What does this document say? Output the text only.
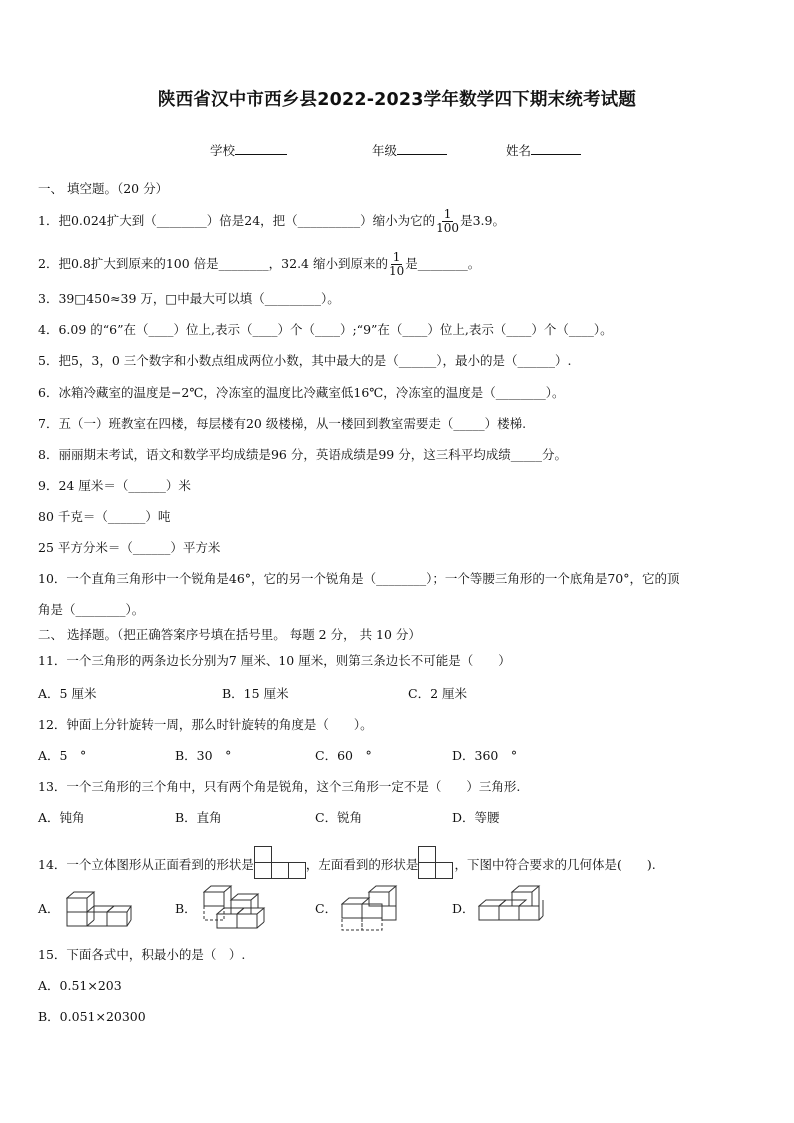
陕西省汉中市西乡县2022-2023学年数学四下期末统考试题
学校	年级	姓名
一、 填空题。（20 分）
1．把0.024扩大到（________）倍是24，把（__________）缩小为它的 $\frac{1}{100}$ 是3.9。
2．把0.8扩大到原来的100 倍是________，32.4 缩小到原来的 $\frac{1}{10}$ 是________。
3．39□450≈39 万，□中最大可以填（_________）。
4．6.09 的“6”在（____）位上,表示（____）个（____）;“9”在（____）位上,表示（____）个（____）。
5．把5，3，0 三个数字和小数点组成两位小数，其中最大的是（______），最小的是（______）.
6．冰箱冷藏室的温度是−2℃，冷冻室的温度比冷藏室低16℃，冷冻室的温度是（________）。
7．五（一）班教室在四楼，每层楼有20 级楼梯，从一楼回到教室需要走（_____）楼梯.
8．丽丽期末考试，语文和数学平均成绩是96 分，英语成绩是99 分，这三科平均成绩_____分。
9．24 厘米＝（______）米
80 千克＝（______）吨
25 平方分米＝（______）平方米
10．一个直角三角形中一个锐角是46°，它的另一个锐角是（________）；一个等腰三角形的一个底角是70°，它的顶
角是（________）。
二、 选择题。（把正确答案序号填在括号里。 每题 2 分， 共 10 分）
11．一个三角形的两条边长分别为7 厘米、10 厘米，则第三条边长不可能是（　　）
A．5 厘米	B．15 厘米	C．2 厘米
12．钟面上分针旋转一周，那么时针旋转的角度是（　　）。
A．5　°	B．30　°	C．60　°	D．360　°
13．一个三角形的三个角中，只有两个角是锐角，这个三角形一定不是（　　）三角形.
A．钝角	B．直角	C．锐角	D．等腰
14．一个立体图形从正面看到的形状是	，左面看到的形状是	，下图中符合要求的几何体是(　　).
A．	B．	C．	D．
15．下面各式中，积最小的是（　）.
A．0.51×203
B．0.051×20300
